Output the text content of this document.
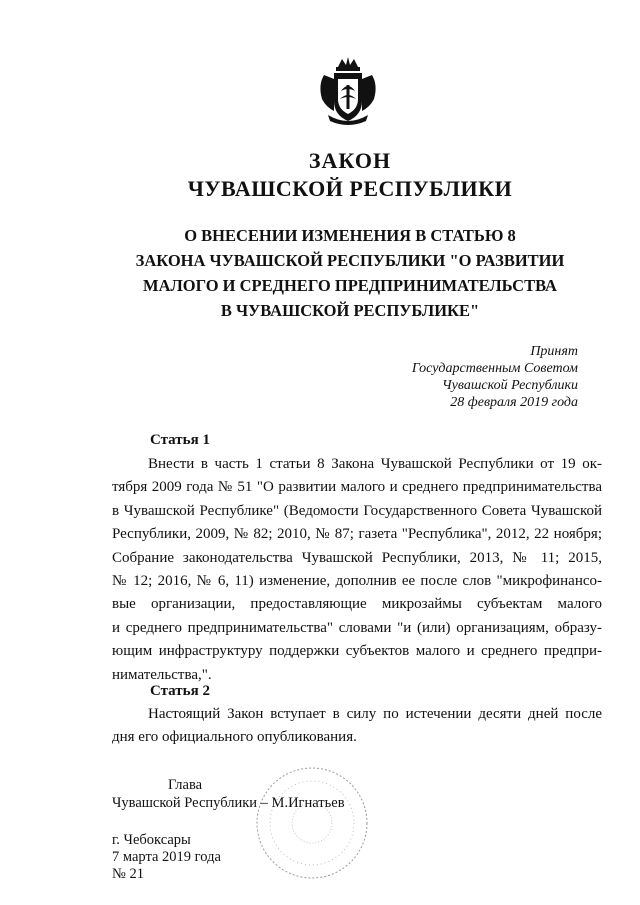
ЗАКОН
ЧУВАШСКОЙ РЕСПУБЛИКИ
О ВНЕСЕНИИ ИЗМЕНЕНИЯ В СТАТЬЮ 8
ЗАКОНА ЧУВАШСКОЙ РЕСПУБЛИКИ "О РАЗВИТИИ
МАЛОГО И СРЕДНЕГО ПРЕДПРИНИМАТЕЛЬСТВА
В ЧУВАШСКОЙ РЕСПУБЛИКЕ"
Принят
Государственным Советом
Чувашской Республики
28 февраля 2019 года
Статья 1
Внести в часть 1 статьи 8 Закона Чувашской Республики от 19 ок-
тября 2009 года № 51 "О развитии малого и среднего предпринимательства
в Чувашской Республике" (Ведомости Государственного Совета Чувашской
Республики, 2009, № 82; 2010, № 87; газета "Республика", 2012, 22 ноября;
Собрание законодательства Чувашской Республики, 2013, № 11; 2015,
№ 12; 2016, № 6, 11) изменение, дополнив ее после слов "микрофинансо-
вые организации, предоставляющие микрозаймы субъектам малого
и среднего предпринимательства" словами "и (или) организациям, образу-
ющим инфраструктуру поддержки субъектов малого и среднего предпри-
нимательства,".
Статья 2
Настоящий Закон вступает в силу по истечении десяти дней после
дня его официального опубликования.
Глава
Чувашской Республики – М.Игнатьев
г. Чебоксары
7 марта 2019 года
№ 21
